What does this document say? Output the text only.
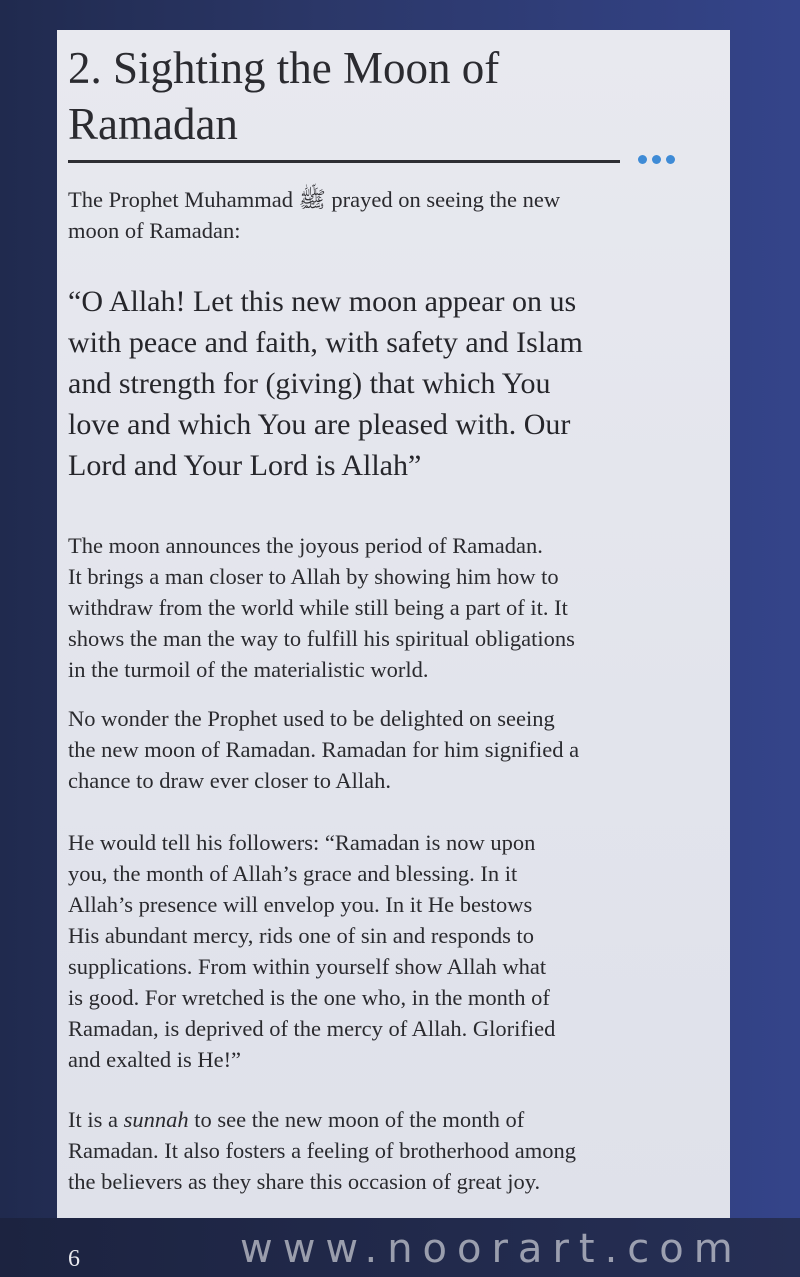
2. Sighting the Moon of
Ramadan
The Prophet Muhammad ﷺ prayed on seeing the new
moon of Ramadan:
“O Allah! Let this new moon appear on us
with peace and faith, with safety and Islam
and strength for (giving) that which You
love and which You are pleased with. Our
Lord and Your Lord is Allah”
The moon announces the joyous period of Ramadan.
It brings a man closer to Allah by showing him how to
withdraw from the world while still being a part of it. It
shows the man the way to fulfill his spiritual obligations
in the turmoil of the materialistic world.
No wonder the Prophet used to be delighted on seeing
the new moon of Ramadan. Ramadan for him signified a
chance to draw ever closer to Allah.
He would tell his followers: “Ramadan is now upon
you, the month of Allah’s grace and blessing. In it
Allah’s presence will envelop you. In it He bestows
His abundant mercy, rids one of sin and responds to
supplications. From within yourself show Allah what
is good. For wretched is the one who, in the month of
Ramadan, is deprived of the mercy of Allah. Glorified
and exalted is He!”
It is a sunnah to see the new moon of the month of
Ramadan. It also fosters a feeling of brotherhood among
the believers as they share this occasion of great joy.
www.noorart.com
6
